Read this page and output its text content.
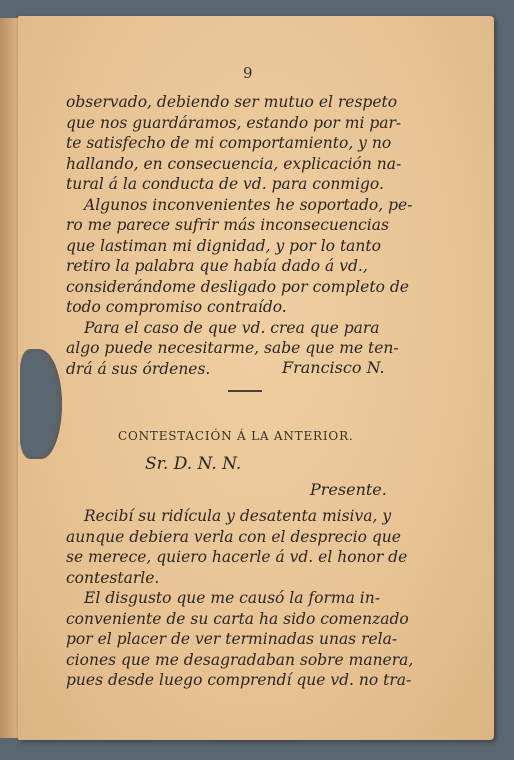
9
observado, debiendo ser mutuo el respeto
que nos guardáramos, estando por mi par-
te satisfecho de mi comportamiento, y no
hallando, en consecuencia, explicación na-
tural á la conducta de vd. para conmigo.
Algunos inconvenientes he soportado, pe-
ro me parece sufrir más inconsecuencias
que lastiman mi dignidad, y por lo tanto
retiro la palabra que había dado á vd.,
considerándome desligado por completo de
todo compromiso contraído.
Para el caso de que vd. crea que para
algo puede necesitarme, sabe que me ten-
drá á sus órdenes.	Francisco N.
CONTESTACIÓN Á LA ANTERIOR.
Sr. D. N. N.
Presente.
Recibí su ridícula y desatenta misiva, y
aunque debiera verla con el desprecio que
se merece, quiero hacerle á vd. el honor de
contestarle.
El disgusto que me causó la forma in-
conveniente de su carta ha sido comenzado
por el placer de ver terminadas unas rela-
ciones que me desagradaban sobre manera,
pues desde luego comprendí que vd. no tra-
